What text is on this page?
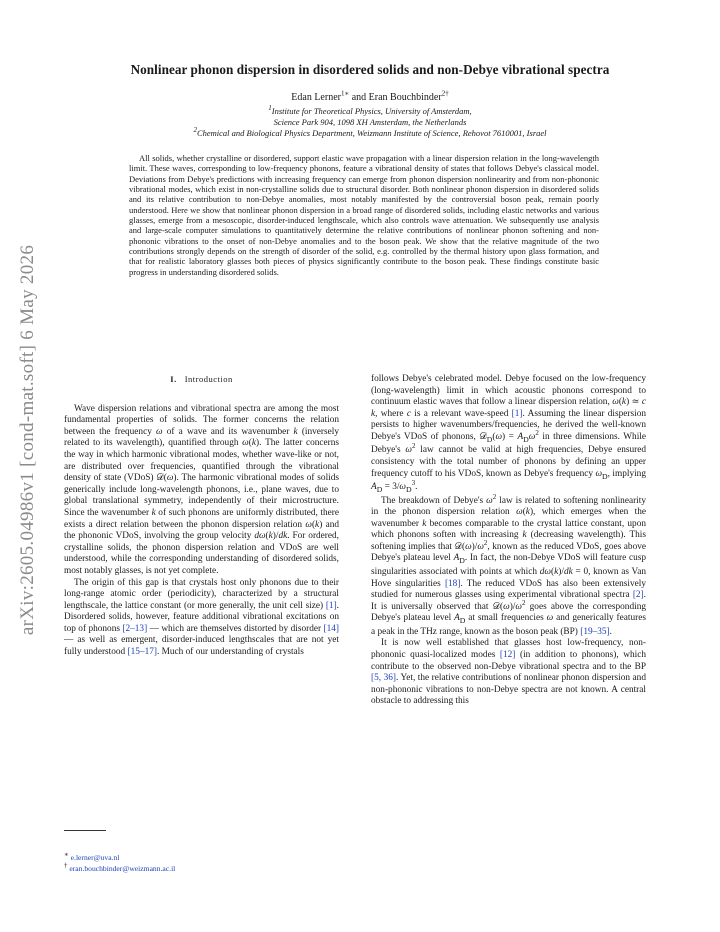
arXiv:2605.04986v1 [cond-mat.soft] 6 May 2026
Nonlinear phonon dispersion in disordered solids and non-Debye vibrational spectra
Edan Lerner$^{1∗}$ and Eran Bouchbinder$^{2\dagger}$
$^1$Institute for Theoretical Physics, University of Amsterdam,
Science Park 904, 1098 XH Amsterdam, the Netherlands
$^2$Chemical and Biological Physics Department, Weizmann Institute of Science, Rehovot 7610001, Israel
All solids, whether crystalline or disordered, support elastic wave propagation with a linear dispersion relation in the long-wavelength limit. These waves, corresponding to low-frequency phonons, feature a vibrational density of states that follows Debye's classical model. Deviations from Debye's predictions with increasing frequency can emerge from phonon dispersion nonlinearity and from non-phononic vibrational modes, which exist in non-crystalline solids due to structural disorder. Both nonlinear phonon dispersion in disordered solids and its relative contribution to non-Debye anomalies, most notably manifested by the controversial boson peak, remain poorly understood. Here we show that nonlinear phonon dispersion in a broad range of disordered solids, including elastic networks and various glasses, emerge from a mesoscopic, disorder-induced lengthscale, which also controls wave attenuation. We subsequently use analysis and large-scale computer simulations to quantitatively determine the relative contributions of nonlinear phonon softening and non-phononic vibrations to the onset of non-Debye anomalies and to the boson peak. We show that the relative magnitude of the two contributions strongly depends on the strength of disorder of the solid, e.g. controlled by the thermal history upon glass formation, and that for realistic laboratory glasses both pieces of physics significantly contribute to the boson peak. These findings constitute basic progress in understanding disordered solids.
I. Introduction

Wave dispersion relations and vibrational spectra are among the most fundamental properties of solids. The former concerns the relation between the frequency ω of a wave and its wavenumber k (inversely related to its wavelength), quantified through ω(k). The latter concerns the way in which harmonic vibrational modes, whether wave-like or not, are distributed over frequencies, quantified through the vibrational density of state (VDoS) 𝒟(ω). The harmonic vibrational modes of solids generically include long-wavelength phonons, i.e., plane waves, due to global translational symmetry, independently of their microstructure. Since the wavenumber k of such phonons are uniformly distributed, there exists a direct relation between the phonon dispersion relation ω(k) and the phononic VDoS, involving the group velocity dω(k)/dk. For ordered, crystalline solids, the phonon dispersion relation and VDoS are well understood, while the corresponding understanding of disordered solids, most notably glasses, is not yet complete.

The origin of this gap is that crystals host only phonons due to their long-range atomic order (periodicity), characterized by a structural lengthscale, the lattice constant (or more generally, the unit cell size) [1]. Disordered solids, however, feature additional vibrational excitations on top of phonons [2–13] — which are themselves distorted by disorder [14] — as well as emergent, disorder-induced lengthscales that are not yet fully understood [15–17]. Much of our understanding of crystals

follows Debye's celebrated model. Debye focused on the low-frequency (long-wavelength) limit in which acoustic phonons correspond to continuum elastic waves that follow a linear dispersion relation, ω(k) ≃ c k, where c is a relevant wave-speed [1]. Assuming the linear dispersion persists to higher wavenumbers/frequencies, he derived the well-known Debye's VDoS of phonons, 𝒟$_D$(ω) = $A_D\omega^2$ in three dimensions. While Debye's $\omega^2$ law cannot be valid at high frequencies, Debye ensured consistency with the total number of phonons by defining an upper frequency cutoff to his VDoS, known as Debye's frequency $\omega_D$, implying $A_D = 3/\omega_D^3$.

The breakdown of Debye's $\omega^2$ law is related to softening nonlinearity in the phonon dispersion relation ω(k), which emerges when the wavenumber k becomes comparable to the crystal lattice constant, upon which phonons soften with increasing k (decreasing wavelength). This softening implies that $𝒟(\omega)/\omega^2$, known as the reduced VDoS, goes above Debye's plateau level $A_D$. In fact, the non-Debye VDoS will feature cusp singularities associated with points at which dω(k)/dk = 0, known as Van Hove singularities [18]. The reduced VDoS has also been extensively studied for numerous glasses using experimental vibrational spectra [2]. It is universally observed that $𝒟(\omega)/\omega^2$ goes above the corresponding Debye's plateau level $A_D$ at small frequencies ω and generically features a peak in the THz range, known as the boson peak (BP) [19–35].

It is now well established that glasses host low-frequency, non-phononic quasi-localized modes [12] (in addition to phonons), which contribute to the observed non-Debye vibrational spectra and to the BP [5, 36]. Yet, the relative contributions of nonlinear phonon dispersion and non-phononic vibrations to non-Debye spectra are not known. A central obstacle to addressing this

∗ e.lerner@uva.nl
† eran.bouchbinder@weizmann.ac.il
